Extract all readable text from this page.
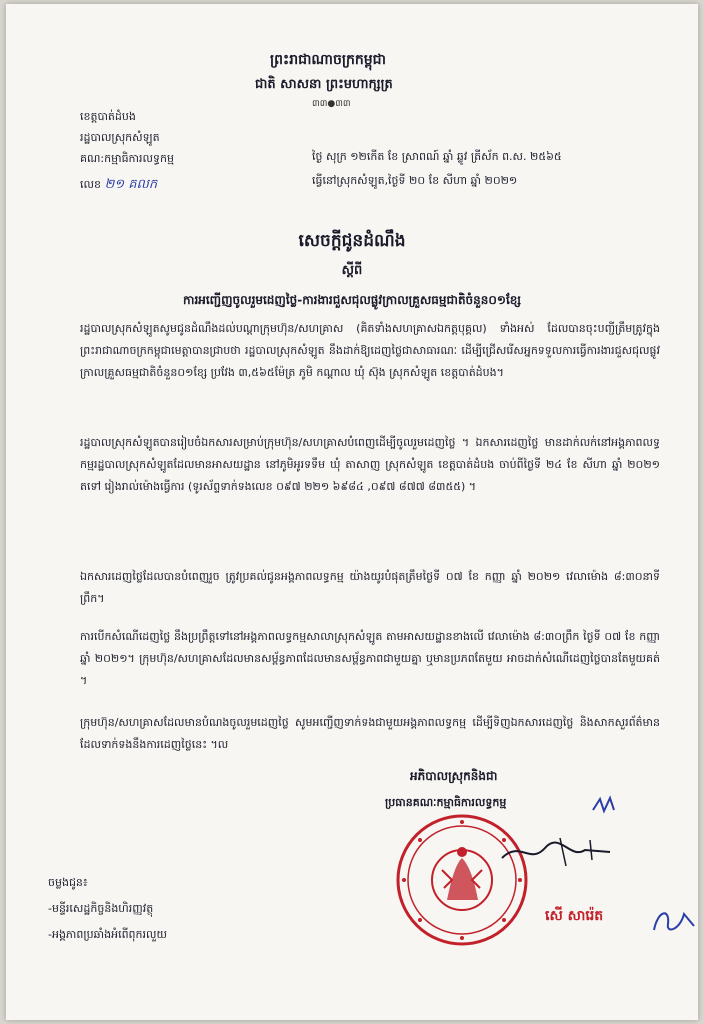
ព្រះរាជាណាចក្រកម្ពុជា
ជាតិ សាសនា ព្រះមហាក្សត្រ
៣៣●៣៣
ខេត្តបាត់ដំបង
រដ្ឋបាលស្រុកសំឡូត
គណ:កម្មាធិការលទ្ធកម្ម
លេខ ២១ គលក
ថ្ងៃ សុក្រ ១២កើត ខែ ស្រាពណ៍ ឆ្នាំ ឆ្លូវ ត្រីស័ក ព.ស. ២៥៦៥
ធ្វើនៅស្រុកសំឡូត,ថ្ងៃទី ២០ ខែ សីហា ឆ្នាំ ២០២១
សេចក្តីជូនដំណឹង
ស្តីពី
ការអញ្ជើញចូលរួមដេញថ្លៃ-ការងារជួសជុលផ្លូវក្រាលគ្រួសធម្មជាតិចំនួន០១ខ្សែ
រដ្ឋបាលស្រុកសំឡូតសូមជូនដំណឹងដល់បណ្តាក្រុមហ៊ុន/សហគ្រាស (គិតទាំងសហគ្រាសឯកត្តបុគ្គល) ទាំងអស់ ដែលបានចុះបញ្ជីត្រឹមត្រូវក្នុងព្រះរាជាណាចក្រកម្ពុជាមេត្តាបានជ្រាបថា រដ្ឋបាលស្រុកសំឡូត នឹងដាក់ឱ្យដេញថ្លៃជាសាធារណៈ ដើម្បីជ្រើសរើសអ្នកទទួលការធ្វើការងារជួសជុលផ្លូវក្រាលគ្រួសធម្មជាតិចំនួន០១ខ្សែ ប្រវែង ៣,៥៦៥ម៉ែត្រ ភូមិ កណ្តាល ឃុំ ស៊ុង ស្រុកសំឡូត ខេត្តបាត់ដំបង។
រដ្ឋបាលស្រុកសំឡូតបានរៀបចំឯកសារសម្រាប់ក្រុមហ៊ុន/សហគ្រាសបំពេញដើម្បីចូលរួមដេញថ្លៃ ។ ឯកសារដេញថ្លៃ មានដាក់លក់នៅអង្គភាពលទ្ធកម្មរដ្ឋបាលស្រុកសំឡូតដែលមានអាសយដ្ឋាន នៅភូមិអូរទទឹម ឃុំ តាសាញ ស្រុកសំឡូត ខេត្តបាត់ដំបង ចាប់ពីថ្ងៃទី ២៤ ខែ សីហា ឆ្នាំ ២០២១ តទៅ រៀងរាល់ម៉ោងធ្វើការ (ទូរស័ព្ទទាក់ទងលេខ ០៩៧ ២២១ ៦៩៨៤ ,០៩៧ ៨៧៧ ៨៣៥៥) ។
ឯកសារដេញថ្លៃដែលបានបំពេញរួច ត្រូវប្រគល់ជូនអង្គភាពលទ្ធកម្ម យ៉ាងយូរបំផុតត្រឹមថ្ងៃទី ០៧ ខែ កញ្ញា ឆ្នាំ ២០២១ វេលាម៉ោង ៨:៣០នាទីព្រឹក។
ការបើកសំណើដេញថ្លៃ នឹងប្រព្រឹត្តទៅនៅអង្គភាពលទ្ធកម្មសាលាស្រុកសំឡូត តាមអាសយដ្ឋានខាងលើ វេលាម៉ោង ៨:៣០ព្រឹក ថ្ងៃទី ០៧ ខែ កញ្ញា ឆ្នាំ ២០២១។ ក្រុមហ៊ុន/សហគ្រាសដែលមានសម្ព័ន្ធភាពដែលមានសម្ព័ន្ធភាពជាមួយគ្នា ឬមានប្រភពតែមួយ អាចដាក់សំណើដេញថ្លៃបានតែមួយគត់ ។
ក្រុមហ៊ុន/សហគ្រាសដែលមានបំណងចូលរួមដេញថ្លៃ សូមអញ្ជើញទាក់ទងជាមួយអង្គភាពលទ្ធកម្ម ដើម្បីទិញឯកសារដេញថ្លៃ និងសាកសួរព័ត៌មាន ដែលទាក់ទងនឹងការដេញថ្លៃនេះ ។ល
អភិបាលស្រុកនិងជា
ប្រធានគណៈកម្មាធិការលទ្ធកម្ម
សើ សារ៉េត
ចម្លងជូន៖
-មន្ទីរសេដ្ឋកិច្ចនិងហិរញ្ញវត្ថុ
-អង្គភាពប្រឆាំងអំពើពុករលួយ
